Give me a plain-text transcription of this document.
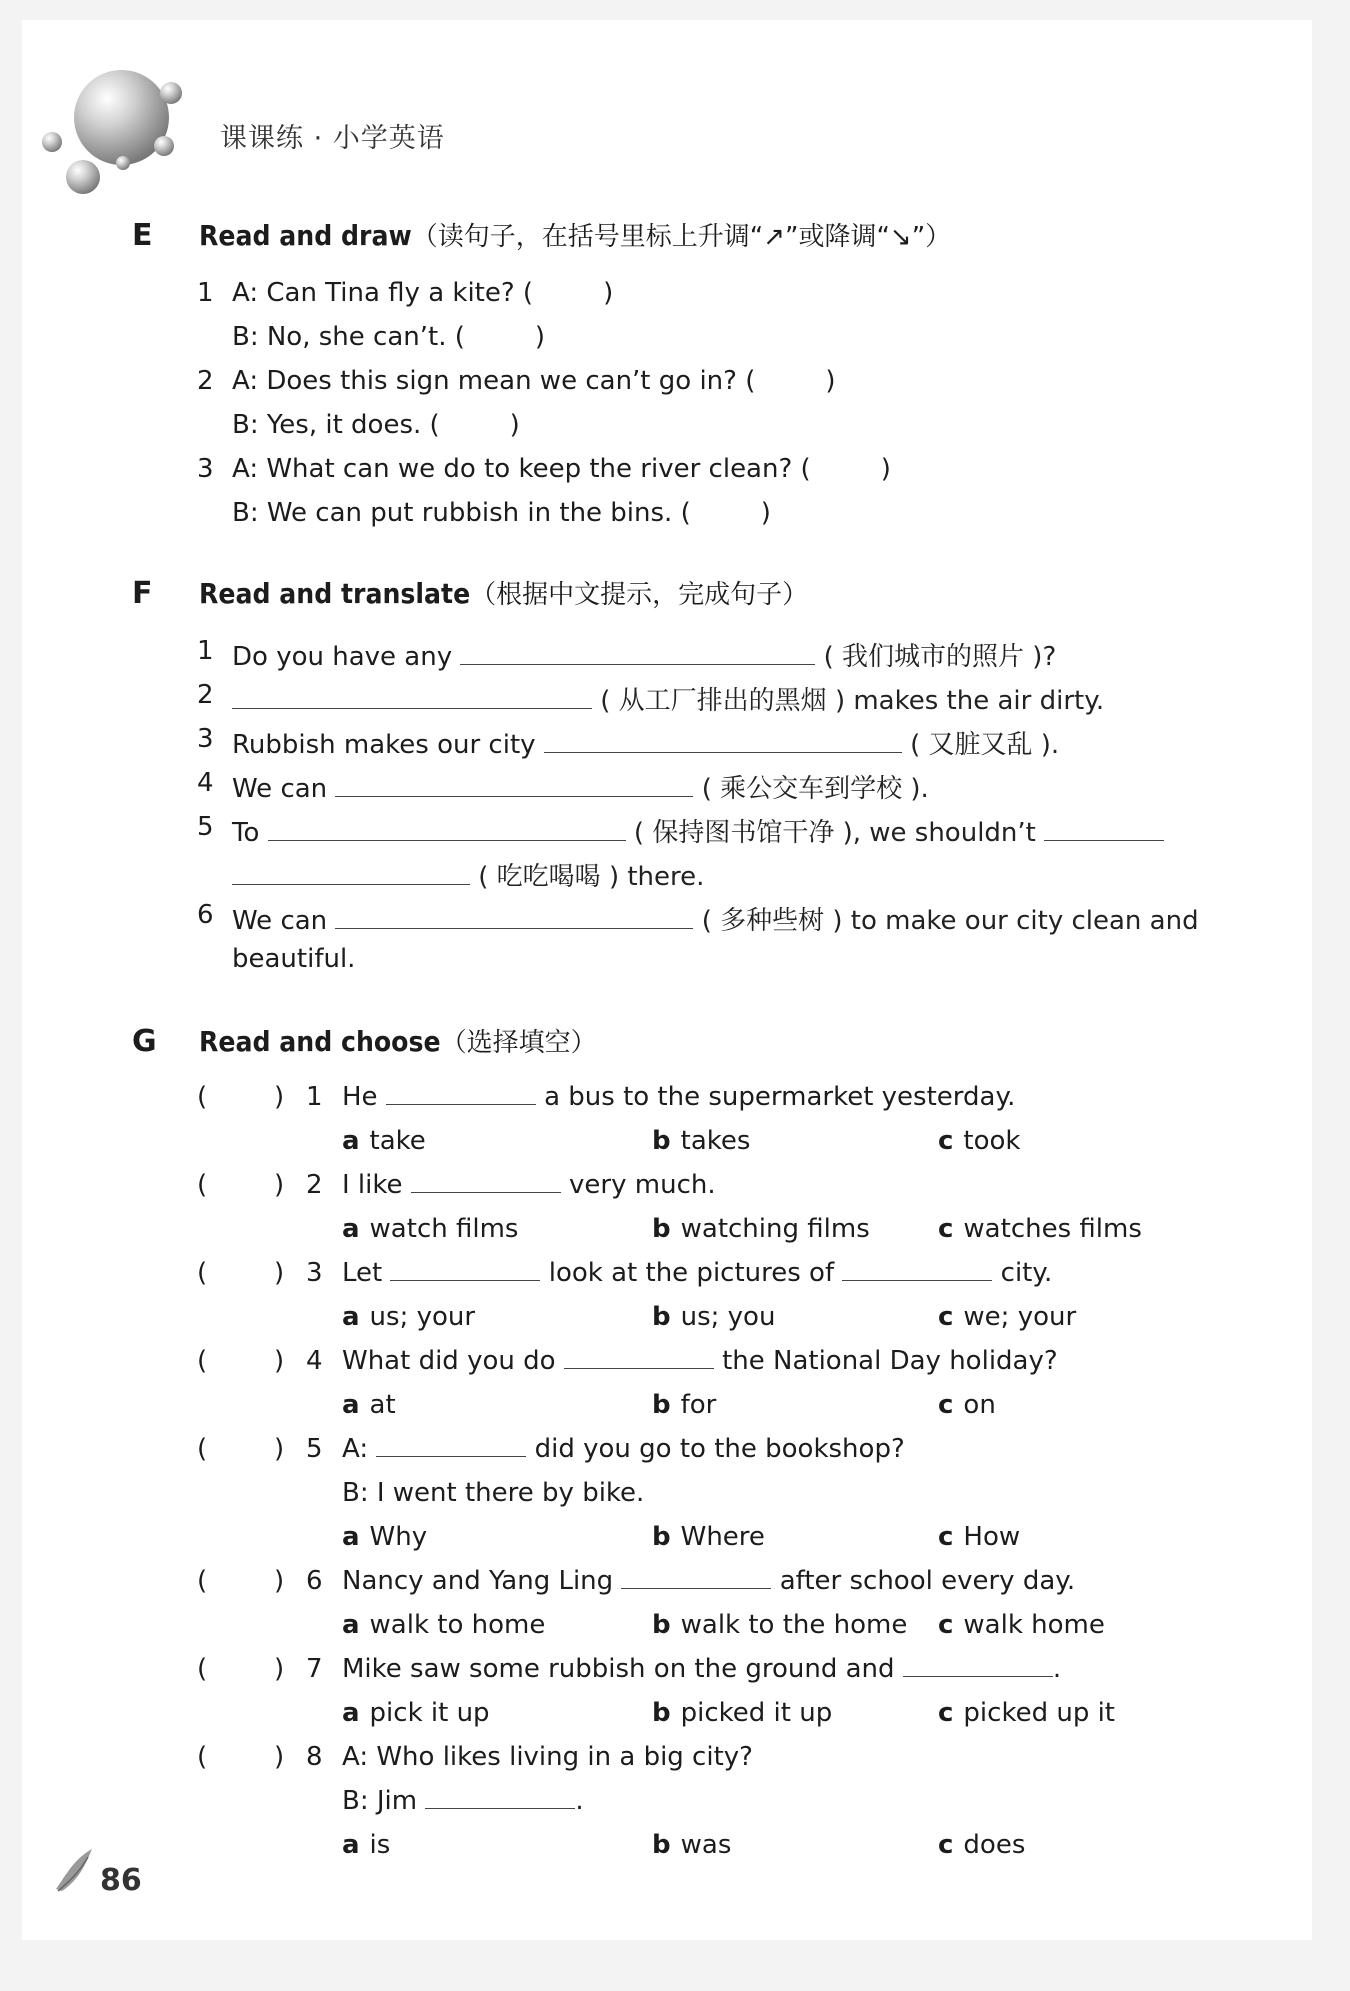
课课练 · 小学英语
E Read and draw（读句子，在括号里标上升调“↗”或降调“↘”）
1 A: Can Tina fly a kite? (	)
B: No, she can’t. (	)
2 A: Does this sign mean we can’t go in? (	)
B: Yes, it does. (	)
3 A: What can we do to keep the river clean? (	)
B: We can put rubbish in the bins. (	)
F Read and translate（根据中文提示，完成句子）
1 Do you have any	( 我们城市的照片 )?
2	( 从工厂排出的黑烟 ) makes the air dirty.
3 Rubbish makes our city	( 又脏又乱 ).
4 We can	( 乘公交车到学校 ).
5 To	( 保持图书馆干净 ), we shouldn’t
( 吃吃喝喝 ) there.
6 We can	( 多种些树 ) to make our city clean and
beautiful.
G Read and choose（选择填空）
(	) 1 He	a bus to the supermarket yesterday.
a take	b takes	c took
(	) 2 I like	very much.
a watch films	b watching films	c watches films
(	) 3 Let	look at the pictures of	city.
a us; your	b us; you	c we; your
(	) 4 What did you do	the National Day holiday?
a at	b for	c on
(	) 5 A:	did you go to the bookshop?
B: I went there by bike.
a Why	b Where	c How
(	) 6 Nancy and Yang Ling	after school every day.
a walk to home	b walk to the home c walk home
(	) 7 Mike saw some rubbish on the ground and	.
a pick it up	b picked it up	c picked up it
(	) 8 A: Who likes living in a big city?
B: Jim	.
a is	b was	c does
86
